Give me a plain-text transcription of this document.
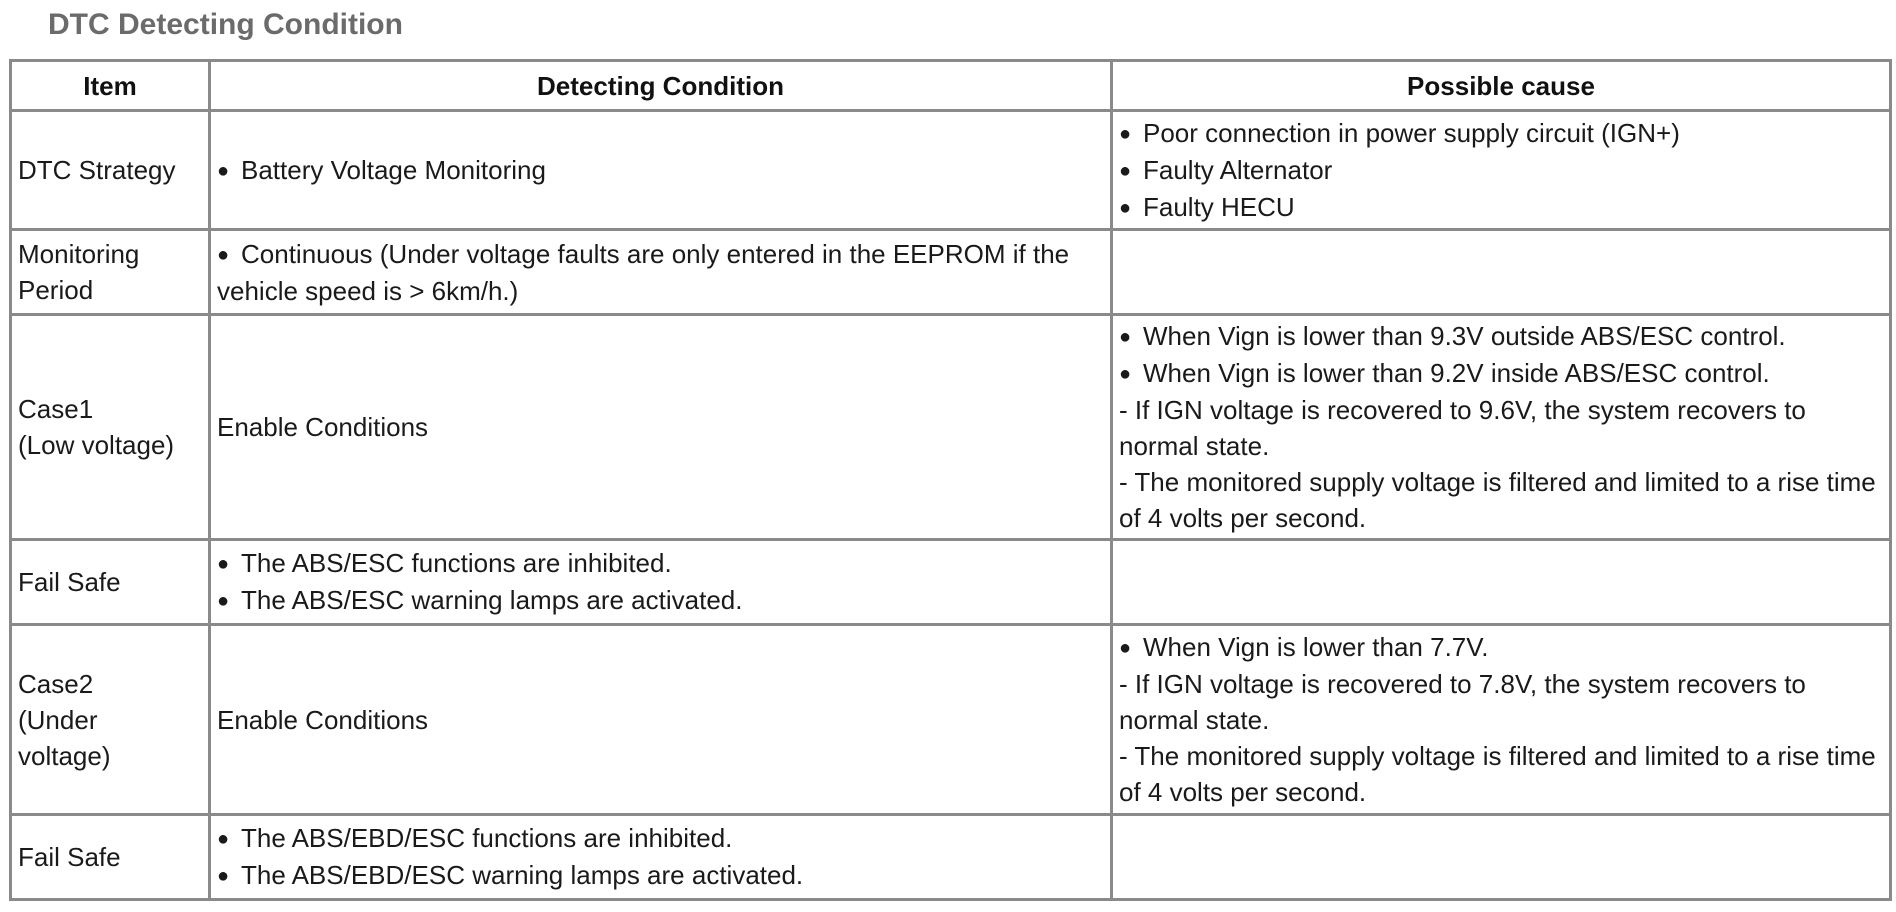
DTC Detecting Condition
Item	Detecting Condition	Possible cause

DTC Strategy	● Battery Voltage Monitoring	● Poor connection in power supply circuit (IGN+)
● Faulty Alternator
● Faulty HECU

Monitoring
Period	● Continuous (Under voltage faults are only entered in the EEPROM if the vehicle speed is > 6km/h.)

Case1
(Low voltage)	Enable Conditions	● When Vign is lower than 9.3V outside ABS/ESC control.
● When Vign is lower than 9.2V inside ABS/ESC control.
- If IGN voltage is recovered to 9.6V, the system recovers to normal state.
- The monitored supply voltage is filtered and limited to a rise time of 4 volts per second.

Fail Safe	● The ABS/ESC functions are inhibited.
● The ABS/ESC warning lamps are activated.

Case2
(Under
voltage)	Enable Conditions	● When Vign is lower than 7.7V.
- If IGN voltage is recovered to 7.8V, the system recovers to normal state.
- The monitored supply voltage is filtered and limited to a rise time of 4 volts per second.

Fail Safe	● The ABS/EBD/ESC functions are inhibited.
● The ABS/EBD/ESC warning lamps are activated.
